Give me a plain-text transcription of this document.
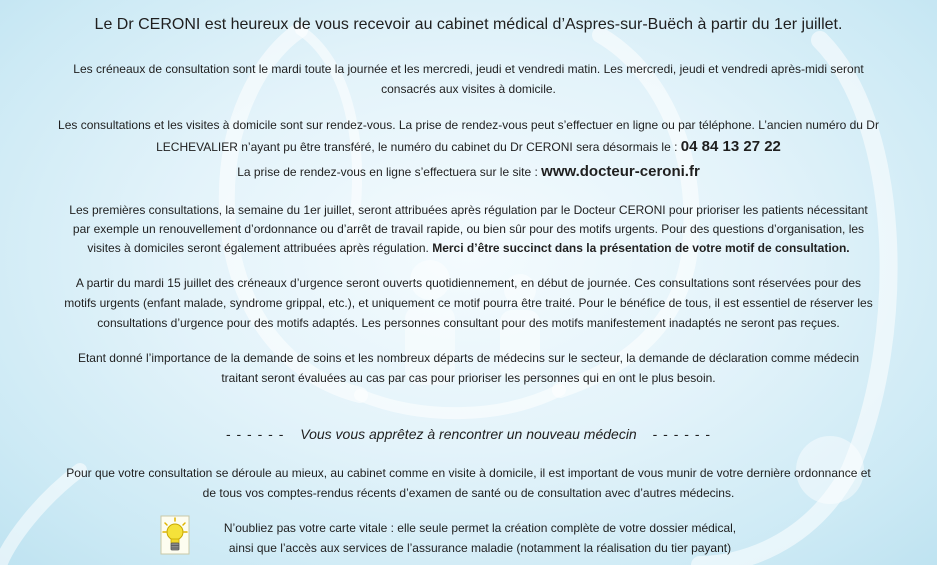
Le Dr CERONI est heureux de vous recevoir au cabinet médical d’Aspres-sur-Buëch à partir du 1er juillet.
Les créneaux de consultation sont le mardi toute la journée et les mercredi, jeudi et vendredi matin. Les mercredi, jeudi et vendredi après-midi seront
consacrés aux visites à domicile.
Les consultations et les visites à domicile sont sur rendez-vous. La prise de rendez-vous peut s’effectuer en ligne ou par téléphone. L’ancien numéro du Dr
LECHEVALIER n’ayant pu être transféré, le numéro du cabinet du Dr CERONI sera désormais le : 04 84 13 27 22
La prise de rendez-vous en ligne s’effectuera sur le site : www.docteur-ceroni.fr
Les premières consultations, la semaine du 1er juillet, seront attribuées après régulation par le Docteur CERONI pour prioriser les patients nécessitant
par exemple un renouvellement d’ordonnance ou d’arrêt de travail rapide, ou bien sûr pour des motifs urgents. Pour des questions d’organisation, les
visites à domiciles seront également attribuées après régulation. Merci d’être succinct dans la présentation de votre motif de consultation.
A partir du mardi 15 juillet des créneaux d’urgence seront ouverts quotidiennement, en début de journée. Ces consultations sont réservées pour des
motifs urgents (enfant malade, syndrome grippal, etc.), et uniquement ce motif pourra être traité. Pour le bénéfice de tous, il est essentiel de réserver les
consultations d’urgence pour des motifs adaptés. Les personnes consultant pour des motifs manifestement inadaptés ne seront pas reçues.
Etant donné l’importance de la demande de soins et les nombreux départs de médecins sur le secteur, la demande de déclaration comme médecin
traitant seront évaluées au cas par cas pour prioriser les personnes qui en ont le plus besoin.
- - - - - - Vous vous apprêtez à rencontrer un nouveau médecin - - - - - -
Pour que votre consultation se déroule au mieux, au cabinet comme en visite à domicile, il est important de vous munir de votre dernière ordonnance et
de tous vos comptes-rendus récents d’examen de santé ou de consultation avec d’autres médecins.
N’oubliez pas votre carte vitale : elle seule permet la création complète de votre dossier médical,
ainsi que l’accès aux services de l’assurance maladie (notamment la réalisation du tier payant)
